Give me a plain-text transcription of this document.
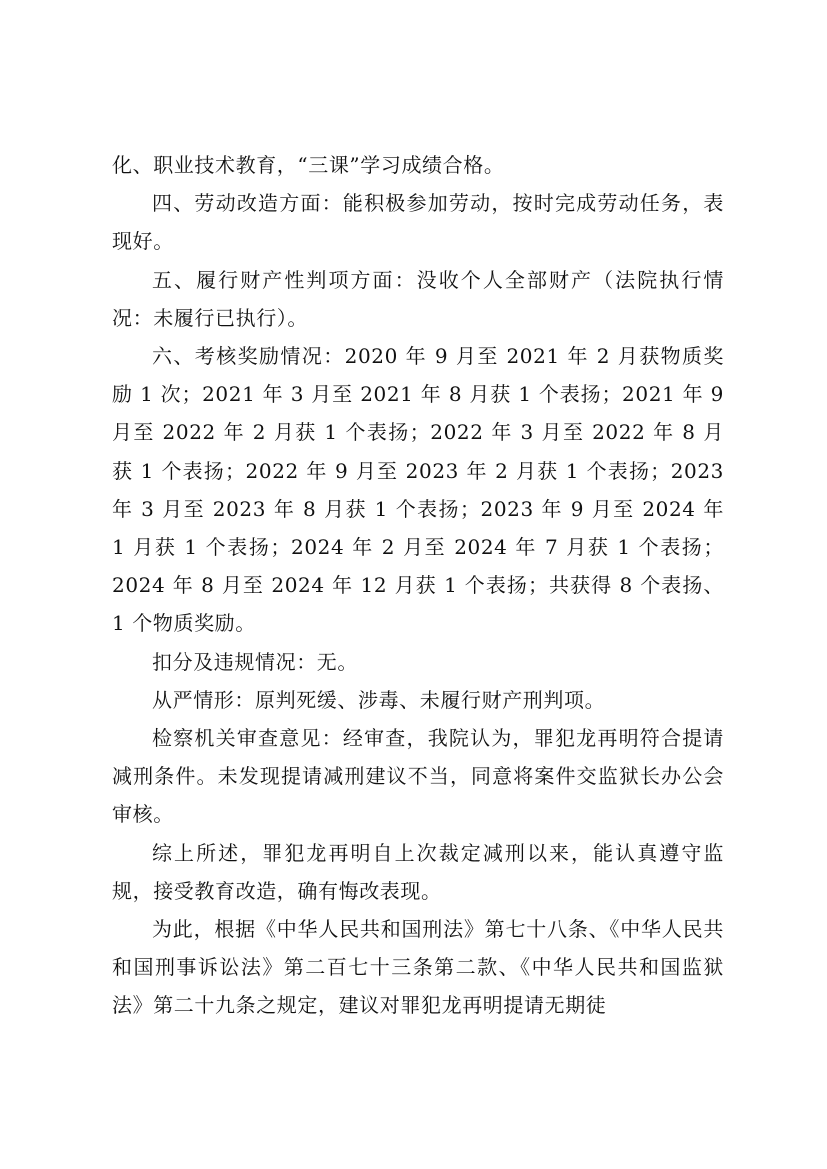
化、职业技术教育，“三课”学习成绩合格。

四、劳动改造方面：能积极参加劳动，按时完成劳动任务，表现好。

五、履行财产性判项方面：没收个人全部财产（法院执行情况：未履行已执行）。

六、考核奖励情况：2020 年 9 月至 2021 年 2 月获物质奖励 1 次；2021 年 3 月至 2021 年 8 月获 1 个表扬；2021 年 9 月至 2022 年 2 月获 1 个表扬；2022 年 3 月至 2022 年 8 月获 1 个表扬；2022 年 9 月至 2023 年 2 月获 1 个表扬；2023 年 3 月至 2023 年 8 月获 1 个表扬；2023 年 9 月至 2024 年 1 月获 1 个表扬；2024 年 2 月至 2024 年 7 月获 1 个表扬；2024 年 8 月至 2024 年 12 月获 1 个表扬；共获得 8 个表扬、1 个物质奖励。

扣分及违规情况：无。

从严情形：原判死缓、涉毒、未履行财产刑判项。

检察机关审查意见：经审查，我院认为，罪犯龙再明符合提请减刑条件。未发现提请减刑建议不当，同意将案件交监狱长办公会审核。

综上所述，罪犯龙再明自上次裁定减刑以来，能认真遵守监规，接受教育改造，确有悔改表现。

为此，根据《中华人民共和国刑法》第七十八条、《中华人民共和国刑事诉讼法》第二百七十三条第二款、《中华人民共和国监狱法》第二十九条之规定，建议对罪犯龙再明提请无期徒
